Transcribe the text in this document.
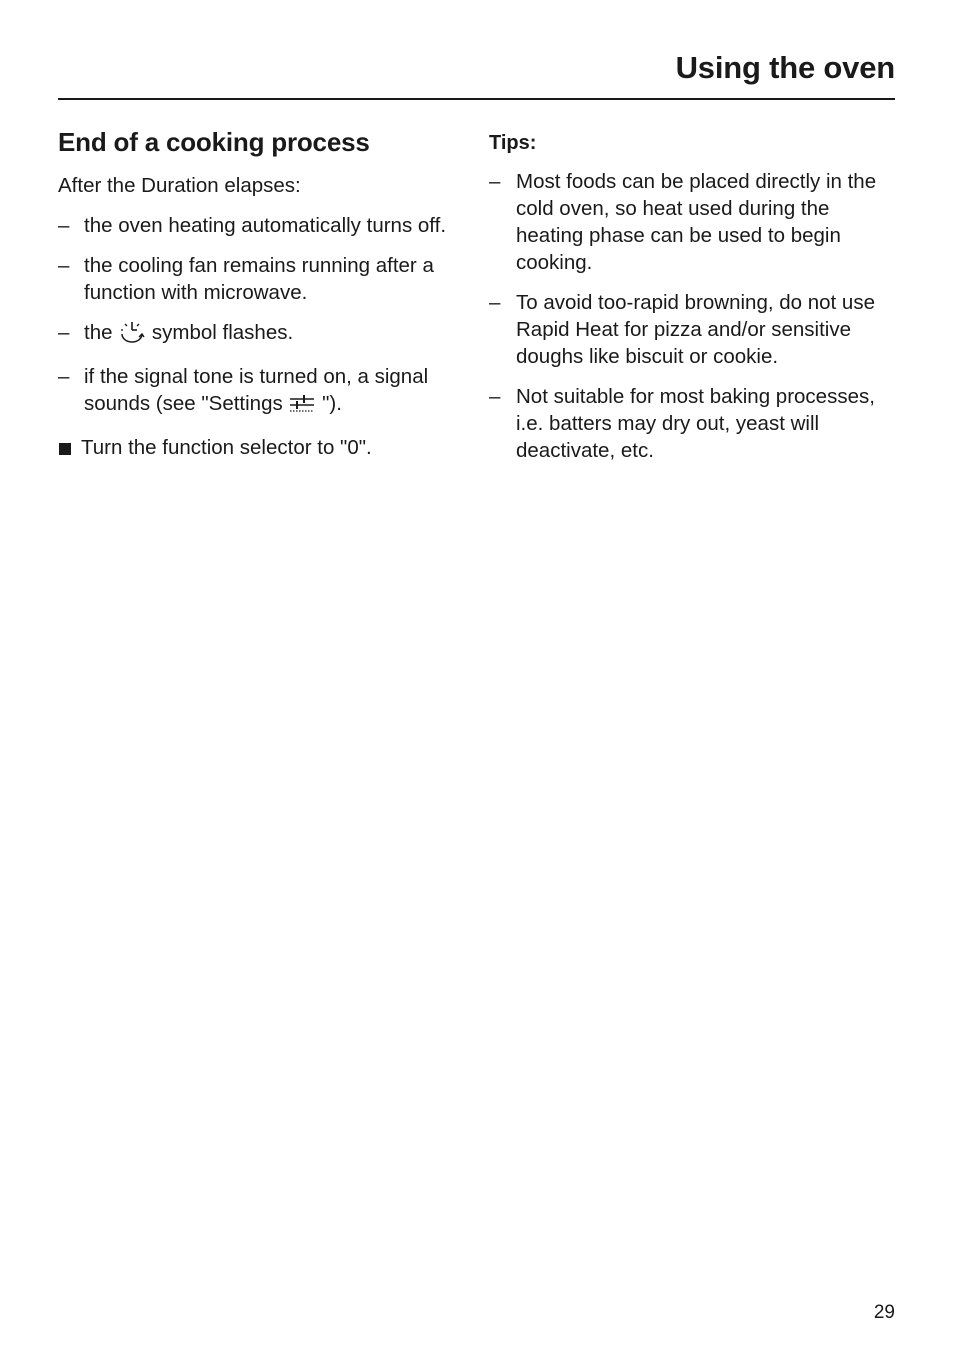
Using the oven
End of a cooking process

After the Duration elapses:

– the oven heating automatically turns off.
– the cooling fan remains running after a function with microwave.
– the symbol flashes.
– if the signal tone is turned on, a signal sounds (see "Settings ").
Turn the function selector to "0".
Tips:
– Most foods can be placed directly in the cold oven, so heat used during the heating phase can be used to begin cooking.
– To avoid too-rapid browning, do not use Rapid Heat for pizza and/or sensitive doughs like biscuit or cookie.
– Not suitable for most baking processes, i.e. batters may dry out, yeast will deactivate, etc.
29
